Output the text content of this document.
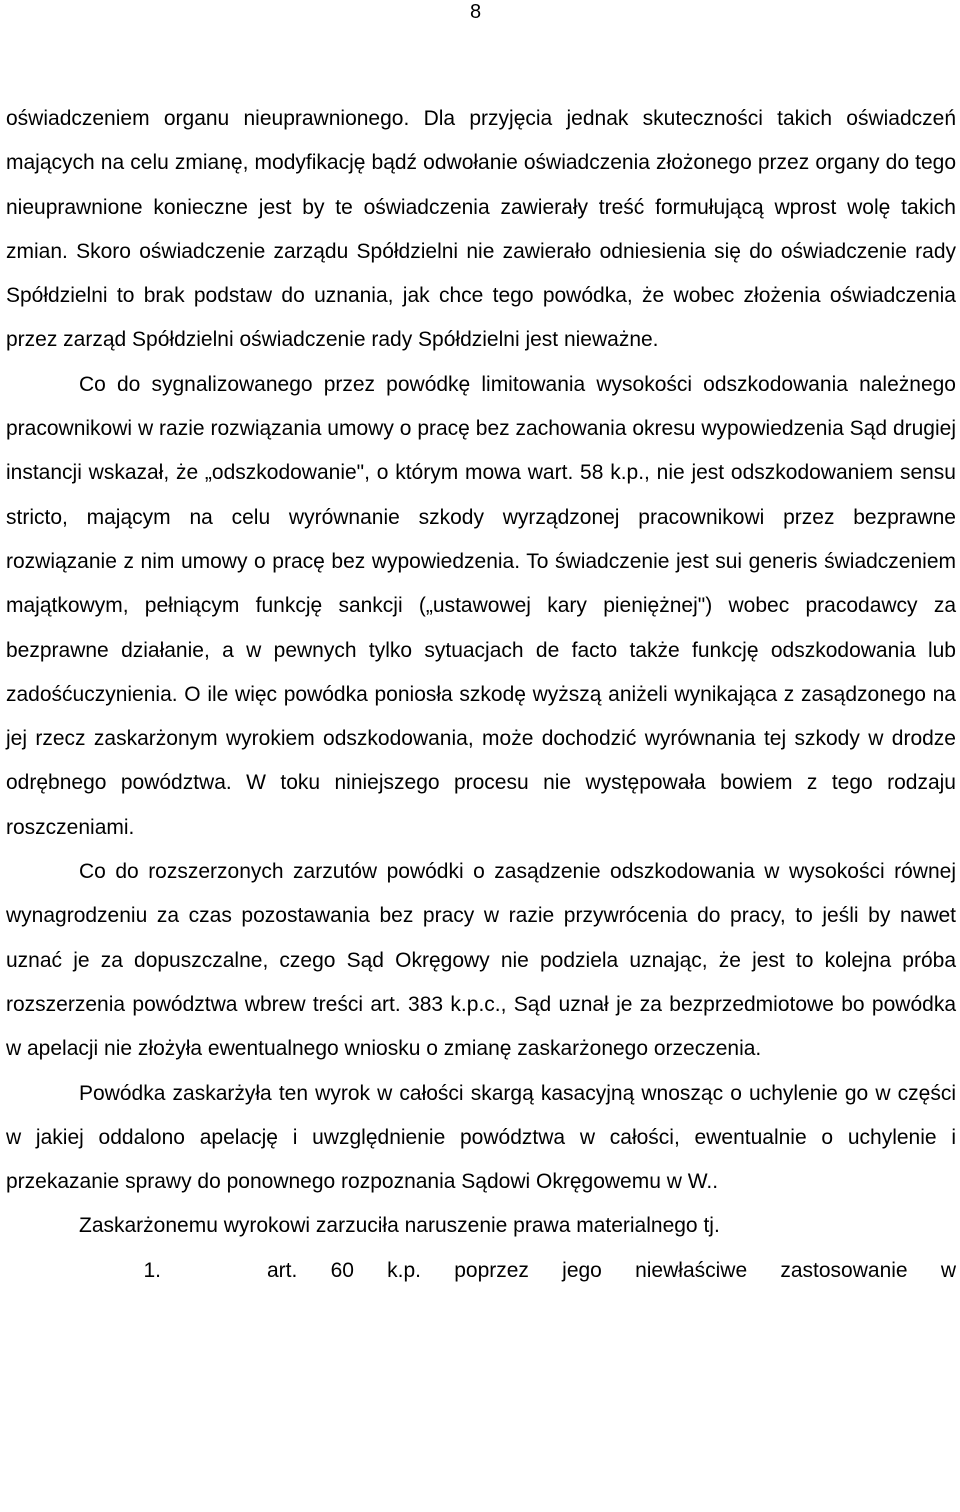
8

oświadczeniem organu nieuprawnionego. Dla przyjęcia jednak skuteczności takich oświadczeń mających na celu zmianę, modyfikację bądź odwołanie oświadczenia złożonego przez organy do tego nieuprawnione konieczne jest by te oświadczenia zawierały treść formułującą wprost wolę takich zmian. Skoro oświadczenie zarządu Spółdzielni nie zawierało odniesienia się do oświadczenie rady Spółdzielni to brak podstaw do uznania, jak chce tego powódka, że wobec złożenia oświadczenia przez zarząd Spółdzielni oświadczenie rady Spółdzielni jest nieważne.

Co do sygnalizowanego przez powódkę limitowania wysokości odszkodowania należnego pracownikowi w razie rozwiązania umowy o pracę bez zachowania okresu wypowiedzenia Sąd drugiej instancji wskazał, że „odszkodowanie", o którym mowa wart. 58 k.p., nie jest odszkodowaniem sensu stricto, mającym na celu wyrównanie szkody wyrządzonej pracownikowi przez bezprawne rozwiązanie z nim umowy o pracę bez wypowiedzenia. To świadczenie jest sui generis świadczeniem majątkowym, pełniącym funkcję sankcji („ustawowej kary pieniężnej") wobec pracodawcy za bezprawne działanie, a w pewnych tylko sytuacjach de facto także funkcję odszkodowania lub zadośćuczynienia. O ile więc powódka poniosła szkodę wyższą aniżeli wynikająca z zasądzonego na jej rzecz zaskarżonym wyrokiem odszkodowania, może dochodzić wyrównania tej szkody w drodze odrębnego powództwa. W toku niniejszego procesu nie występowała bowiem z tego rodzaju roszczeniami.

Co do rozszerzonych zarzutów powódki o zasądzenie odszkodowania w wysokości równej wynagrodzeniu za czas pozostawania bez pracy w razie przywrócenia do pracy, to jeśli by nawet uznać je za dopuszczalne, czego Sąd Okręgowy nie podziela uznając, że jest to kolejna próba rozszerzenia powództwa wbrew treści art. 383 k.p.c., Sąd uznał je za bezprzedmiotowe bo powódka w apelacji nie złożyła ewentualnego wniosku o zmianę zaskarżonego orzeczenia.

Powódka zaskarżyła ten wyrok w całości skargą kasacyjną wnosząc o uchylenie go w części w jakiej oddalono apelację i uwzględnienie powództwa w całości, ewentualnie o uchylenie i przekazanie sprawy do ponownego rozpoznania Sądowi Okręgowemu w W..

Zaskarżonemu wyrokowi zarzuciła naruszenie prawa materialnego tj.

1.	art. 60 k.p. poprzez jego niewłaściwe zastosowanie w
